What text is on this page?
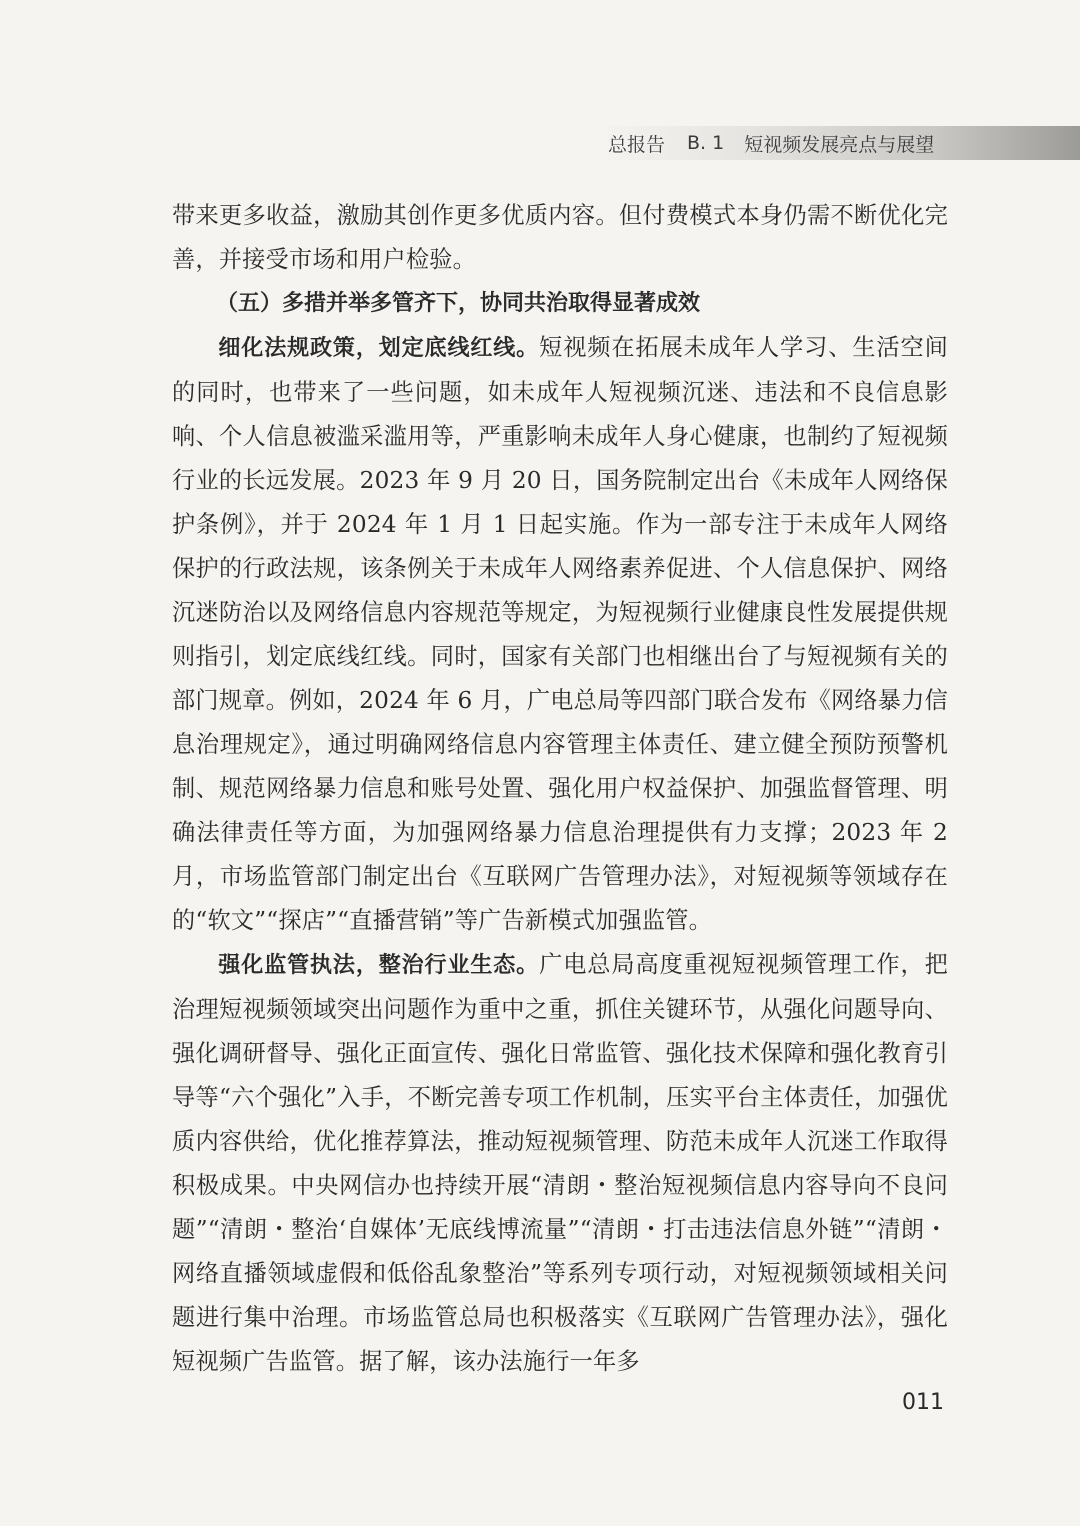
总报告 B. 1 短视频发展亮点与展望

带来更多收益，激励其创作更多优质内容。但付费模式本身仍需不断优化完善，并接受市场和用户检验。

（五）多措并举多管齐下，协同共治取得显著成效

细化法规政策，划定底线红线。短视频在拓展未成年人学习、生活空间的同时，也带来了一些问题，如未成年人短视频沉迷、违法和不良信息影响、个人信息被滥采滥用等，严重影响未成年人身心健康，也制约了短视频行业的长远发展。2023 年 9 月 20 日，国务院制定出台《未成年人网络保护条例》，并于 2024 年 1 月 1 日起实施。作为一部专注于未成年人网络保护的行政法规，该条例关于未成年人网络素养促进、个人信息保护、网络沉迷防治以及网络信息内容规范等规定，为短视频行业健康良性发展提供规则指引，划定底线红线。同时，国家有关部门也相继出台了与短视频有关的部门规章。例如，2024 年 6 月，广电总局等四部门联合发布《网络暴力信息治理规定》，通过明确网络信息内容管理主体责任、建立健全预防预警机制、规范网络暴力信息和账号处置、强化用户权益保护、加强监督管理、明确法律责任等方面，为加强网络暴力信息治理提供有力支撑；2023 年 2 月，市场监管部门制定出台《互联网广告管理办法》，对短视频等领域存在的“软文”“探店”“直播营销”等广告新模式加强监管。

强化监管执法，整治行业生态。广电总局高度重视短视频管理工作，把治理短视频领域突出问题作为重中之重，抓住关键环节，从强化问题导向、强化调研督导、强化正面宣传、强化日常监管、强化技术保障和强化教育引导等“六个强化”入手，不断完善专项工作机制，压实平台主体责任，加强优质内容供给，优化推荐算法，推动短视频管理、防范未成年人沉迷工作取得积极成果。中央网信办也持续开展“清朗・整治短视频信息内容导向不良问题”“清朗・整治‘自媒体’无底线博流量”“清朗・打击违法信息外链”“清朗・网络直播领域虚假和低俗乱象整治”等系列专项行动，对短视频领域相关问题进行集中治理。市场监管总局也积极落实《互联网广告管理办法》，强化短视频广告监管。据了解，该办法施行一年多

011
